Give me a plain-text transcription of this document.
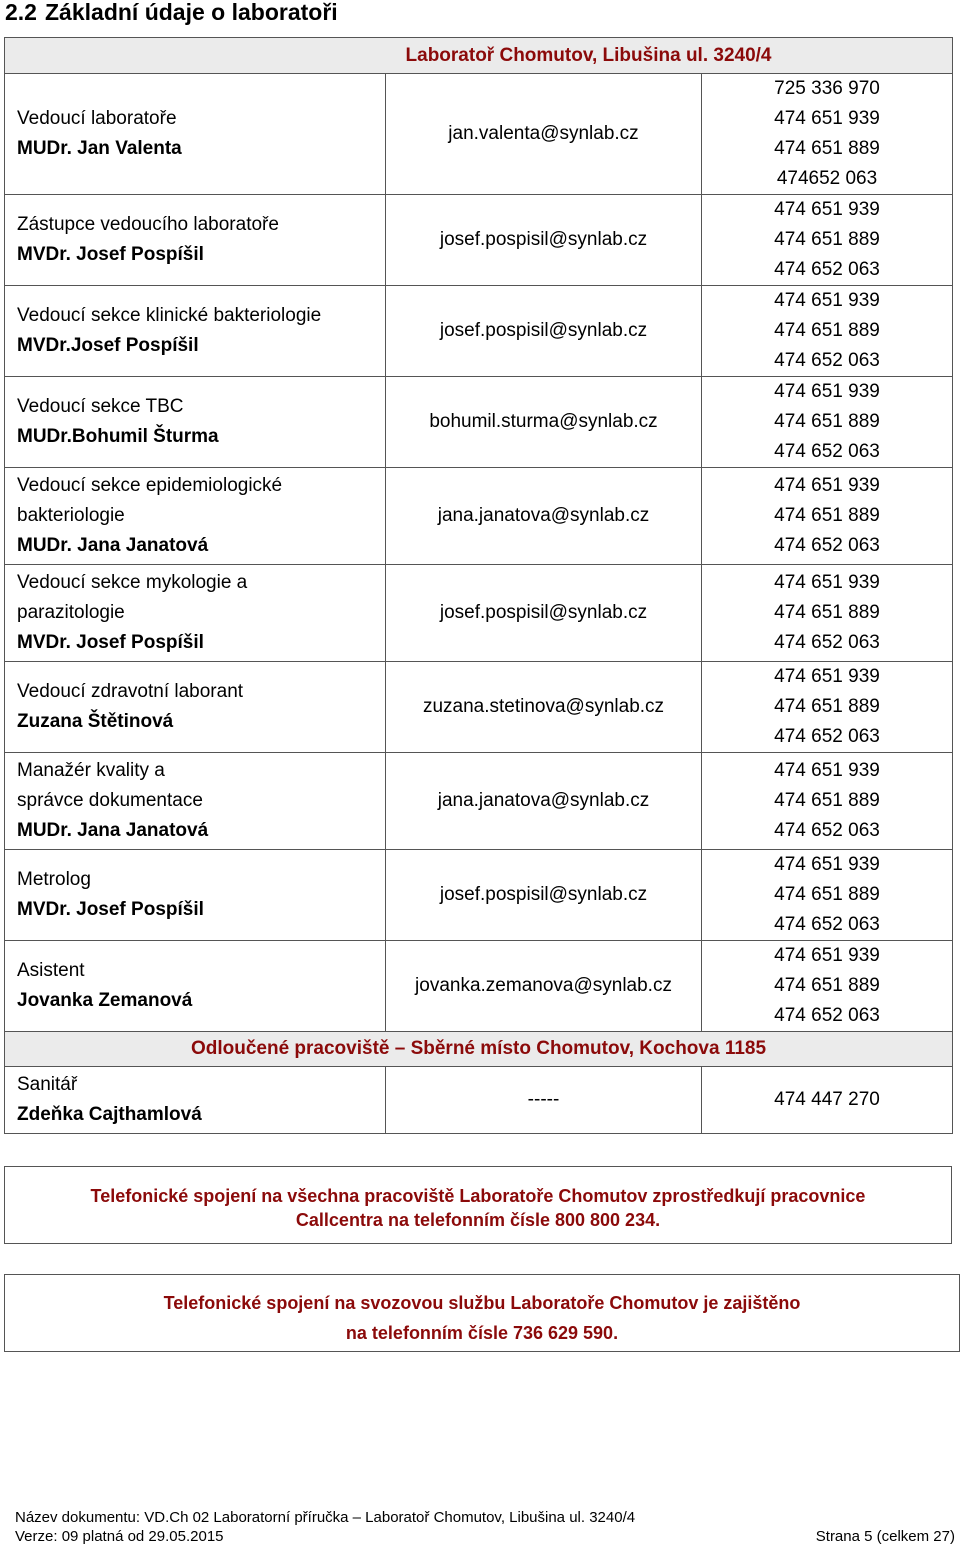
2.2 Základní údaje o laboratoři
Laboratoř Chomutov, Libušina ul. 3240/4		

Vedoucí laboratoře
MUDr. Jan Valenta	jan.valenta@synlab.cz	725 336 970
474 651 939
474 651 889
474652 063

Zástupce vedoucího laboratoře
MVDr. Josef Pospíšil	josef.pospisil@synlab.cz	474 651 939
474 651 889
474 652 063

Vedoucí sekce klinické bakteriologie
MVDr.Josef Pospíšil	josef.pospisil@synlab.cz	474 651 939
474 651 889
474 652 063

Vedoucí sekce TBC
MUDr.Bohumil Šturma	bohumil.sturma@synlab.cz	474 651 939
474 651 889
474 652 063

Vedoucí sekce epidemiologické
bakteriologie
MUDr. Jana Janatová	jana.janatova@synlab.cz	474 651 939
474 651 889
474 652 063

Vedoucí sekce mykologie a
parazitologie
MVDr. Josef Pospíšil	josef.pospisil@synlab.cz	474 651 939
474 651 889
474 652 063

Vedoucí zdravotní laborant
Zuzana Štětinová	zuzana.stetinova@synlab.cz	474 651 939
474 651 889
474 652 063

Manažér kvality a
správce dokumentace
MUDr. Jana Janatová	jana.janatova@synlab.cz	474 651 939
474 651 889
474 652 063

Metrolog
MVDr. Josef Pospíšil	josef.pospisil@synlab.cz	474 651 939
474 651 889
474 652 063

Asistent
Jovanka Zemanová	jovanka.zemanova@synlab.cz	474 651 939
474 651 889
474 652 063

Odloučené pracoviště – Sběrné místo Chomutov, Kochova 1185		

Sanitář
Zdeňka Cajthamlová	-----	474 447 270
Telefonické spojení na všechna pracoviště Laboratoře Chomutov zprostředkují pracovnice
Callcentra na telefonním čísle 800 800 234.
Telefonické spojení na svozovou službu Laboratoře Chomutov je zajištěno
na telefonním čísle 736 629 590.
Název dokumentu: VD.Ch 02 Laboratorní příručka – Laboratoř Chomutov, Libušina ul. 3240/4
Verze: 09 platná od 29.05.2015	Strana 5 (celkem 27)
